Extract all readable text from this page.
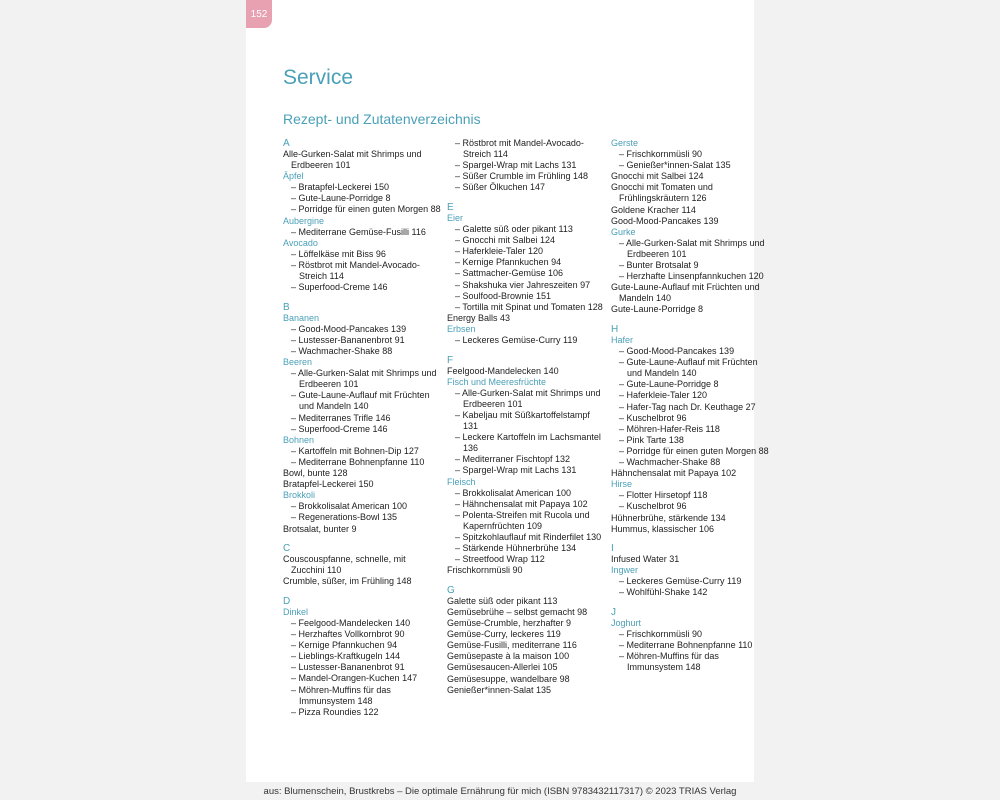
152
Service
Rezept- und Zutatenverzeichnis
A
Alle-Gurken-Salat mit Shrimps und Erdbeeren 101
Äpfel
– Bratapfel-Leckerei 150
– Gute-Laune-Porridge 8
– Porridge für einen guten Morgen 88
Aubergine
– Mediterrane Gemüse-Fusilli 116
Avocado
– Löffelkäse mit Biss 96
– Röstbrot mit Mandel-Avocado-Streich 114
– Superfood-Creme 146
B
Bananen
– Good-Mood-Pancakes 139
– Lustesser-Bananenbrot 91
– Wachmacher-Shake 88
Beeren
– Alle-Gurken-Salat mit Shrimps und Erdbeeren 101
– Gute-Laune-Auflauf mit Früchten und Mandeln 140
– Mediterranes Trifle 146
– Superfood-Creme 146
Bohnen
– Kartoffeln mit Bohnen-Dip 127
– Mediterrane Bohnenpfanne 110
Bowl, bunte 128
Bratapfel-Leckerei 150
Brokkoli
– Brokkolisalat American 100
– Regenerations-Bowl 135
Brotsalat, bunter 9
C
Couscouspfanne, schnelle, mit Zucchini 110
Crumble, süßer, im Frühling 148
D
Dinkel
– Feelgood-Mandelecken 140
– Herzhaftes Vollkornbrot 90
– Kernige Pfannkuchen 94
– Lieblings-Kraftkugeln 144
– Lustesser-Bananenbrot 91
– Mandel-Orangen-Kuchen 147
– Möhren-Muffins für das Immunsystem 148
– Pizza Roundies 122
– Röstbrot mit Mandel-Avocado-Streich 114
– Spargel-Wrap mit Lachs 131
– Süßer Crumble im Frühling 148
– Süßer Ölkuchen 147
E
Eier
– Galette süß oder pikant 113
– Gnocchi mit Salbei 124
– Haferkleie-Taler 120
– Kernige Pfannkuchen 94
– Sattmacher-Gemüse 106
– Shakshuka vier Jahreszeiten 97
– Soulfood-Brownie 151
– Tortilla mit Spinat und Tomaten 128
Energy Balls 43
Erbsen
– Leckeres Gemüse-Curry 119
F
Feelgood-Mandelecken 140
Fisch und Meeresfrüchte
– Alle-Gurken-Salat mit Shrimps und Erdbeeren 101
– Kabeljau mit Süßkartoffelstampf 131
– Leckere Kartoffeln im Lachsmantel 136
– Mediterraner Fischtopf 132
– Spargel-Wrap mit Lachs 131
Fleisch
– Brokkolisalat American 100
– Hähnchensalat mit Papaya 102
– Polenta-Streifen mit Rucola und Kapernfrüchten 109
– Spitzkohlauflauf mit Rinderfilet 130
– Stärkende Hühnerbrühe 134
– Streetfood Wrap 112
Frischkornmüsli 90
G
Galette süß oder pikant 113
Gemüsebrühe – selbst gemacht 98
Gemüse-Crumble, herzhafter 9
Gemüse-Curry, leckeres 119
Gemüse-Fusilli, mediterrane 116
Gemüsepaste à la maison 100
Gemüsesaucen-Allerlei 105
Gemüsesuppe, wandelbare 98
Genießer*innen-Salat 135
Gerste
– Frischkornmüsli 90
– Genießer*innen-Salat 135
Gnocchi mit Salbei 124
Gnocchi mit Tomaten und Frühlingskräutern 126
Goldene Kracher 114
Good-Mood-Pancakes 139
Gurke
– Alle-Gurken-Salat mit Shrimps und Erdbeeren 101
– Bunter Brotsalat 9
– Herzhafte Linsenpfannkuchen 120
Gute-Laune-Auflauf mit Früchten und Mandeln 140
Gute-Laune-Porridge 8
H
Hafer
– Good-Mood-Pancakes 139
– Gute-Laune-Auflauf mit Früchten und Mandeln 140
– Gute-Laune-Porridge 8
– Haferkleie-Taler 120
– Hafer-Tag nach Dr. Keuthage 27
– Kuschelbrot 96
– Möhren-Hafer-Reis 118
– Pink Tarte 138
– Porridge für einen guten Morgen 88
– Wachmacher-Shake 88
Hähnchensalat mit Papaya 102
Hirse
– Flotter Hirsetopf 118
– Kuschelbrot 96
Hühnerbrühe, stärkende 134
Hummus, klassischer 106
I
Infused Water 31
Ingwer
– Leckeres Gemüse-Curry 119
– Wohlfühl-Shake 142
J
Joghurt
– Frischkornmüsli 90
– Mediterrane Bohnenpfanne 110
– Möhren-Muffins für das Immunsystem 148
aus: Blumenschein, Brustkrebs – Die optimale Ernährung für mich (ISBN 9783432117317) © 2023 TRIAS Verlag
